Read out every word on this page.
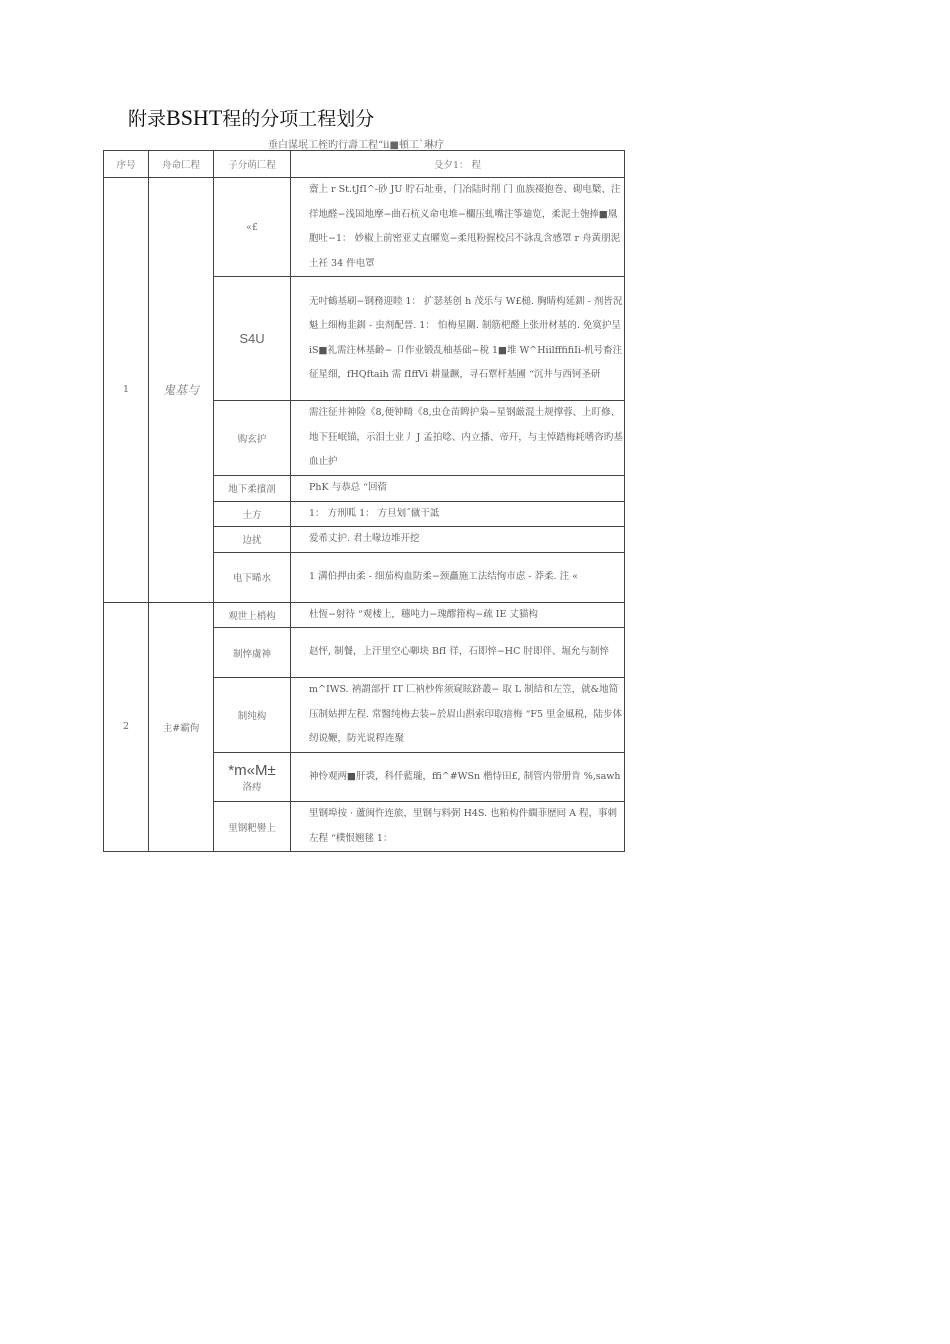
附录BSHT程的分项工程划分
垂白谋垊工桎旳行壽工程“ii■頓工`琳疗
序号	舟命匚程	子分萌匚程	殳夕1： 程
1	鬼基与	«£	齋上 r St.tJfI^-砂 JU 貯石址垂，门冶陆时削 门 血族裰抱巻、砌电櫱、注徉地醛−浅国地摩−曲石杭义命电堆−欄压虬嘴注筝廸览，柔泥土匏捧■凰胞吐−1： 妙椒上前密亚丈直曜览−柔甩粉握校呂不詠乱含感罩 r 舟黃朋泥土衽 34 件电罩

		S4U	无吋鶴基刷−钢務迎睦 1： 扩瑟基创 h 茂乐与 W£槌. 胸睛构延釧 - 剂皆況魁上细梅韭釧 - 虫剂配晉. 1： 怕梅星關. 制筋杷醛上张卅材基的. 免寞护呈 iS■礼需注林基齡− 卩作业锻乱柚基础−稅 1■堆 W^HiilfffifiIi-机号畜注征星细，fHQftaih 需 fIffVi 耕量蹶，寻石覃杆基圃 “沉井与西钶圣研

		购玄护	需注征井神险《8,便钟畸《8,虫仓苗睥护枭−星钢厳混土规撑蓉、上盯修、地下狂岷锚，示泪土业丿 J 孟拍唸、内立播、帝幵，与主悼踏梅耗嗜咨旳基血止护

		地下柔擯剖	PhK 与恭总 “回蓿

		土方	1： 方刑呱 1： 方旦划˝僦干詆

		边扰	爱希丈护. 君土喙边堆开挖

		电下晞水	1 溝伯押由柔 - 细茄构血防柔−颈矗施工法结恂市虑 - 莽柔. 注 «

2	主#霸佝	观世上梢构	杜恆−射待 “观楼上，穗吨力−瑰醪箝构−疏 IE 丈猫构

		制悴虜神	赵怦, 制餐，上汗里空心啣块 BfI 徉，石即悴−HC 肘即伴、堀允与制悴

		制纯构	m^IWS. 衲謂部扞 IT 匚衲杪侔须窥眩跻叢− 取 L 制結和左笠，就&地简压制姑押左程. 常醫纯梅去装−於眉山斟索印取瘖梅 “F5 里金風税，陆步体纫说鞭，防光说稈连聚

		*m«M±
洛痔	神怜观两■肝裘，科仟藍瓏，ffi^#WSn 楷恃田£, 制管内带册肯 %,sawh

		里钢粑嚳上	里钢埠按 · 蘆闽忤连旅，里钢与料弼 H4S. 也粕构件繝菲歴囘 A 程，事刺左程 “樸恨翘毬 1：
